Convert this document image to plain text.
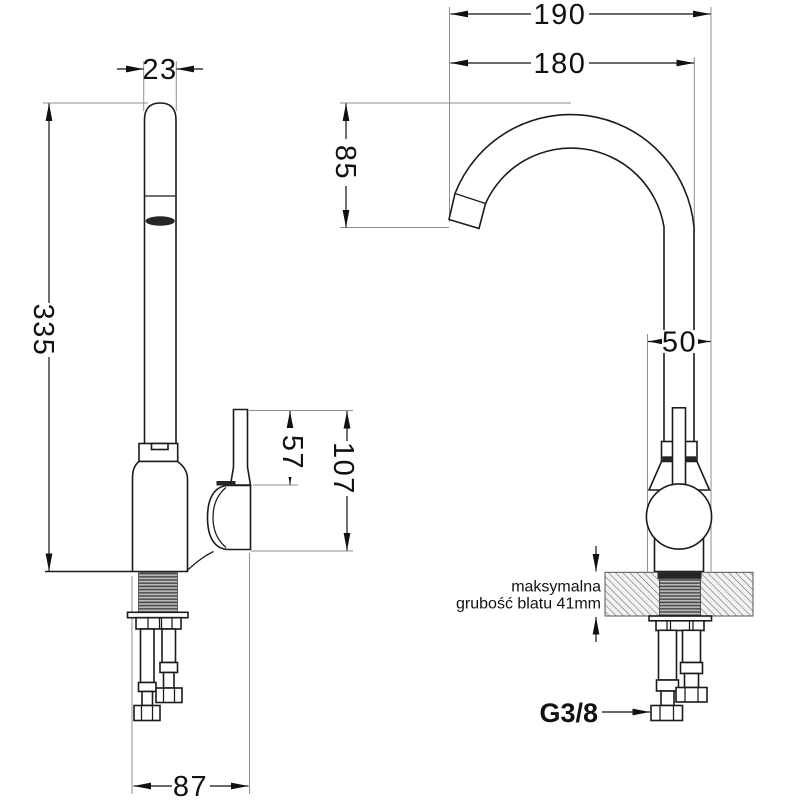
190
180
23
85
335
57 107
50
87
maksymalna
grubość blatu 41mm
G3/8
